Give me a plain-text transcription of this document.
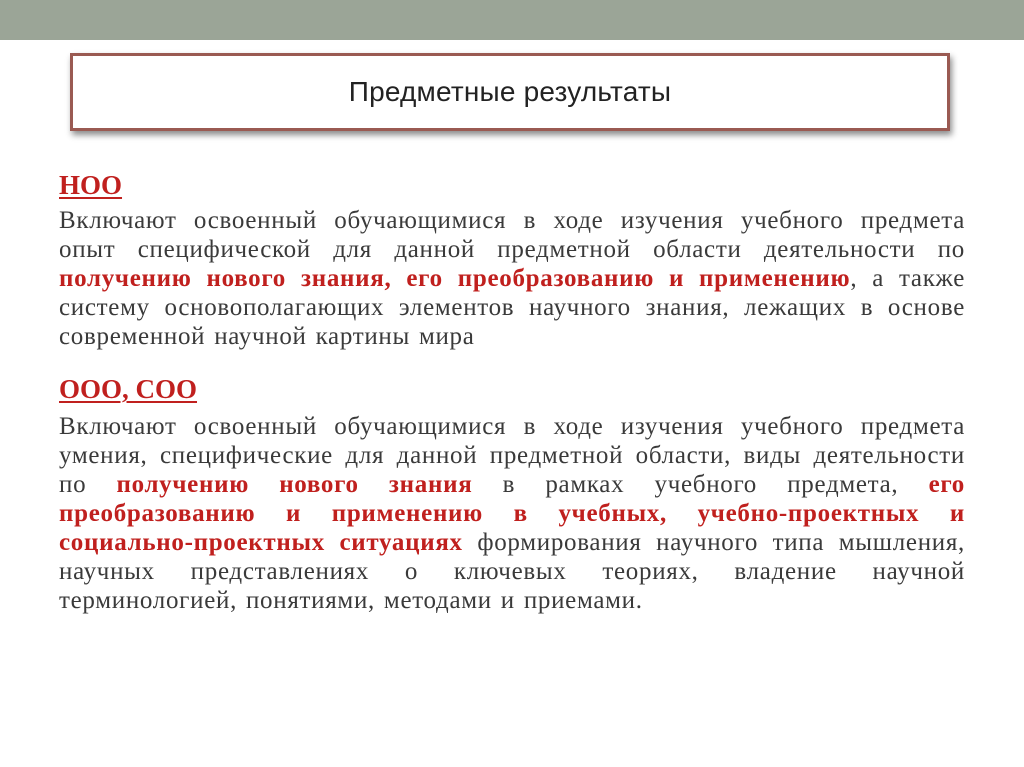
Предметные результаты

НОО

Включают освоенный обучающимися в ходе изучения учебного предмета опыт специфической для данной предметной области деятельности по получению нового знания, его преобразованию и применению, а также систему основополагающих элементов научного знания, лежащих в основе современной научной картины мира

ООО, СОО

Включают освоенный обучающимися в ходе изучения учебного предмета умения, специфические для данной предметной области, виды деятельности по получению нового знания в рамках учебного предмета, его преобразованию и применению в учебных, учебно-проектных и социально-проектных ситуациях формирования научного типа мышления, научных представлениях о ключевых теориях, владение научной терминологией, понятиями, методами и приемами.
